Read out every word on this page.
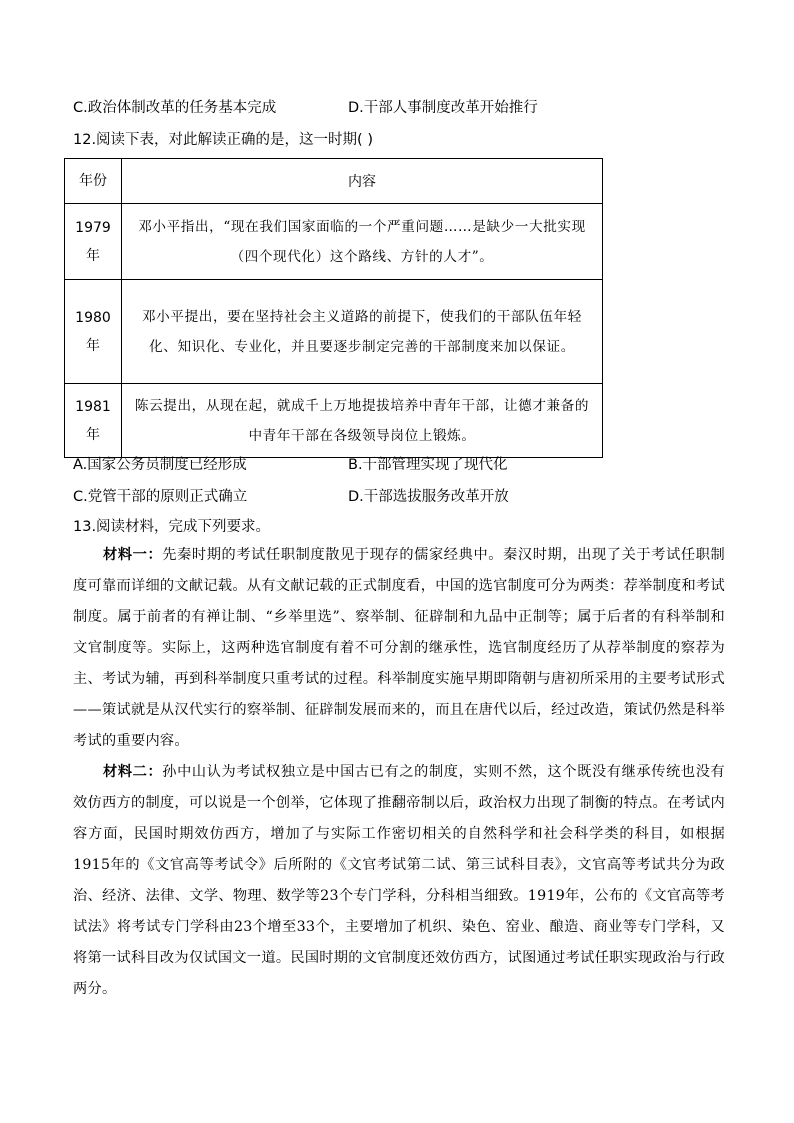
C.政治体制改革的任务基本完成	D.干部人事制度改革开始推行
12.阅读下表，对此解读正确的是，这一时期( )
年份	内容
1979
年	邓小平指出，“现在我们国家面临的一个严重问题……是缺少一大批实现（四个现代化）这个路线、方针的人才”。
1980
年	邓小平提出，要在坚持社会主义道路的前提下，使我们的干部队伍年轻化、知识化、专业化，并且要逐步制定完善的干部制度来加以保证。
1981
年	陈云提出，从现在起，就成千上万地提拔培养中青年干部，让德才兼备的中青年干部在各级领导岗位上锻炼。
A.国家公务员制度已经形成	B.干部管理实现了现代化
C.党管干部的原则正式确立	D.干部选拔服务改革开放
13.阅读材料，完成下列要求。
材料一：先秦时期的考试任职制度散见于现存的儒家经典中。秦汉时期，出现了关于考试任职制度可靠而详细的文献记载。从有文献记载的正式制度看，中国的选官制度可分为两类：荐举制度和考试制度。属于前者的有禅让制、“乡举里选”、察举制、征辟制和九品中正制等；属于后者的有科举制和文官制度等。实际上，这两种选官制度有着不可分割的继承性，选官制度经历了从荐举制度的察荐为主、考试为辅，再到科举制度只重考试的过程。科举制度实施早期即隋朝与唐初所采用的主要考试形式——策试就是从汉代实行的察举制、征辟制发展而来的，而且在唐代以后，经过改造，策试仍然是科举考试的重要内容。
材料二：孙中山认为考试权独立是中国古已有之的制度，实则不然，这个既没有继承传统也没有效仿西方的制度，可以说是一个创举，它体现了推翻帝制以后，政治权力出现了制衡的特点。在考试内容方面，民国时期效仿西方，增加了与实际工作密切相关的自然科学和社会科学类的科目，如根据1915年的《文官高等考试令》后所附的《文官考试第二试、第三试科目表》，文官高等考试共分为政治、经济、法律、文学、物理、数学等23个专门学科，分科相当细致。1919年，公布的《文官高等考试法》将考试专门学科由23个增至33个，主要增加了机织、染色、窑业、酿造、商业等专门学科，又将第一试科目改为仅试国文一道。民国时期的文官制度还效仿西方，试图通过考试任职实现政治与行政两分。
